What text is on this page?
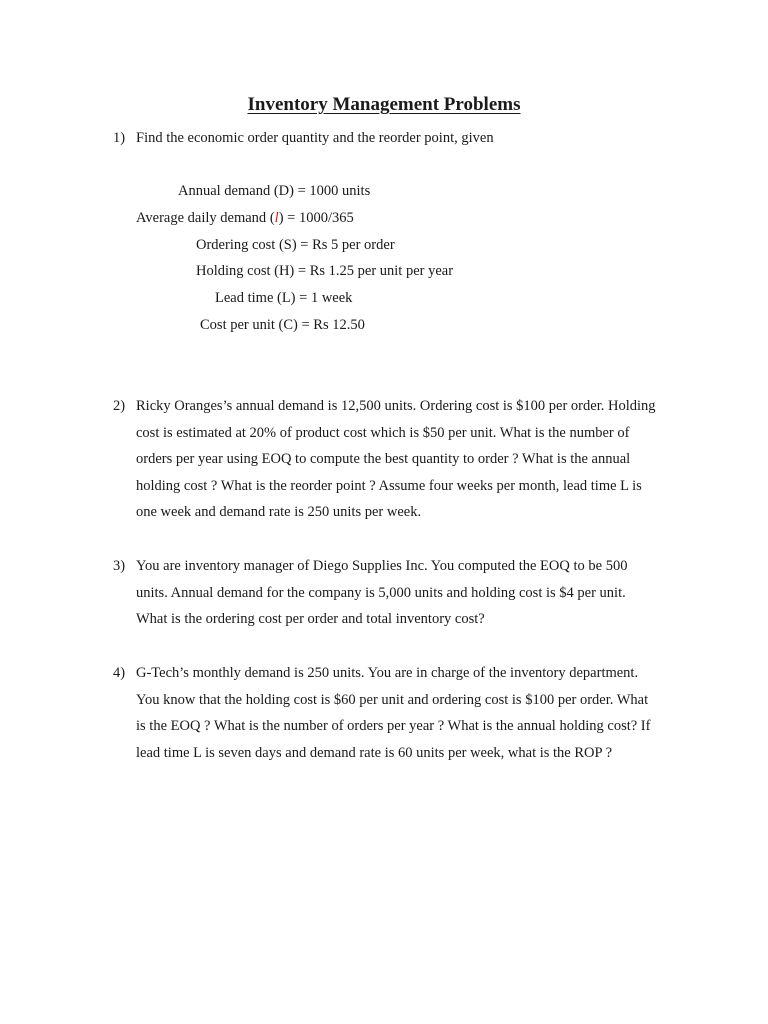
Inventory Management Problems
1) Find the economic order quantity and the reorder point, given
Annual demand (D) = 1000 units
Average daily demand (l) = 1000/365
Ordering cost (S) = Rs 5 per order
Holding cost (H) = Rs 1.25 per unit per year
Lead time (L) = 1 week
Cost per unit (C) = Rs 12.50
2) Ricky Oranges’s annual demand is 12,500 units. Ordering cost is $100 per order. Holding
cost is estimated at 20% of product cost which is $50 per unit. What is the number of
orders per year using EOQ to compute the best quantity to order ? What is the annual
holding cost ? What is the reorder point ? Assume four weeks per month, lead time L is
one week and demand rate is 250 units per week.
3) You are inventory manager of Diego Supplies Inc. You computed the EOQ to be 500
units. Annual demand for the company is 5,000 units and holding cost is $4 per unit.
What is the ordering cost per order and total inventory cost?
4) G-Tech’s monthly demand is 250 units. You are in charge of the inventory department.
You know that the holding cost is $60 per unit and ordering cost is $100 per order. What
is the EOQ ? What is the number of orders per year ? What is the annual holding cost? If
lead time L is seven days and demand rate is 60 units per week, what is the ROP ?
